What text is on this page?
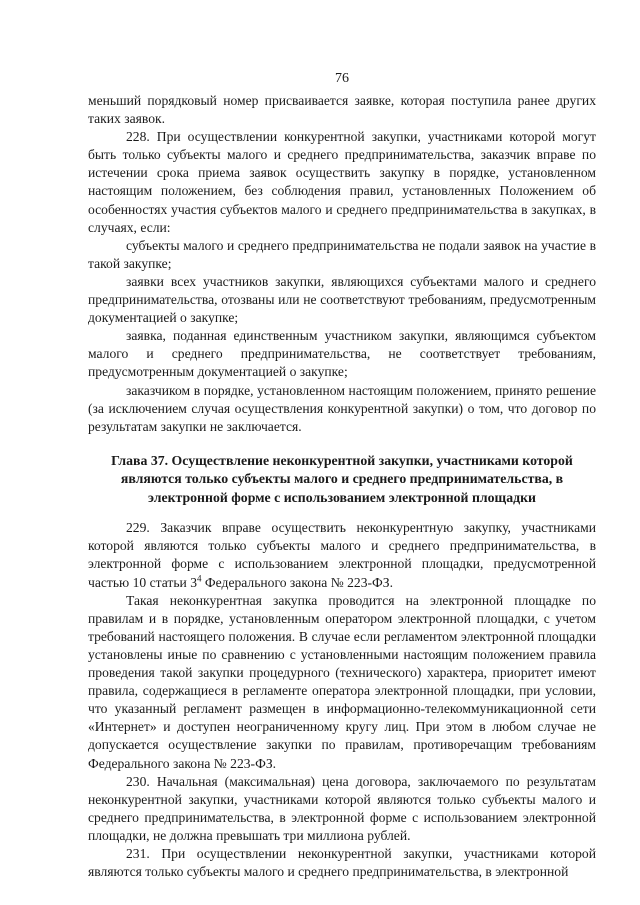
76

меньший порядковый номер присваивается заявке, которая поступила ранее других таких заявок.

228. При осуществлении конкурентной закупки, участниками которой могут быть только субъекты малого и среднего предпринимательства, заказчик вправе по истечении срока приема заявок осуществить закупку в порядке, установленном настоящим положением, без соблюдения правил, установленных Положением об особенностях участия субъектов малого и среднего предпринимательства в закупках, в случаях, если:

субъекты малого и среднего предпринимательства не подали заявок на участие в такой закупке;

заявки всех участников закупки, являющихся субъектами малого и среднего предпринимательства, отозваны или не соответствуют требованиям, предусмотренным документацией о закупке;

заявка, поданная единственным участником закупки, являющимся субъектом малого и среднего предпринимательства, не соответствует требованиям, предусмотренным документацией о закупке;

заказчиком в порядке, установленном настоящим положением, принято решение (за исключением случая осуществления конкурентной закупки) о том, что договор по результатам закупки не заключается.

Глава 37. Осуществление неконкурентной закупки, участниками которой являются только субъекты малого и среднего предпринимательства, в электронной форме с использованием электронной площадки

229. Заказчик вправе осуществить неконкурентную закупку, участниками которой являются только субъекты малого и среднего предпринимательства, в электронной форме с использованием электронной площадки, предусмотренной частью 10 статьи $3^4$ Федерального закона № 223-ФЗ.

Такая неконкурентная закупка проводится на электронной площадке по правилам и в порядке, установленным оператором электронной площадки, с учетом требований настоящего положения. В случае если регламентом электронной площадки установлены иные по сравнению с установленными настоящим положением правила проведения такой закупки процедурного (технического) характера, приоритет имеют правила, содержащиеся в регламенте оператора электронной площадки, при условии, что указанный регламент размещен в информационно-телекоммуникационной сети «Интернет» и доступен неограниченному кругу лиц. При этом в любом случае не допускается осуществление закупки по правилам, противоречащим требованиям Федерального закона № 223-ФЗ.

230. Начальная (максимальная) цена договора, заключаемого по результатам неконкурентной закупки, участниками которой являются только субъекты малого и среднего предпринимательства, в электронной форме с использованием электронной площадки, не должна превышать три миллиона рублей.

231. При осуществлении неконкурентной закупки, участниками которой являются только субъекты малого и среднего предпринимательства, в электронной
